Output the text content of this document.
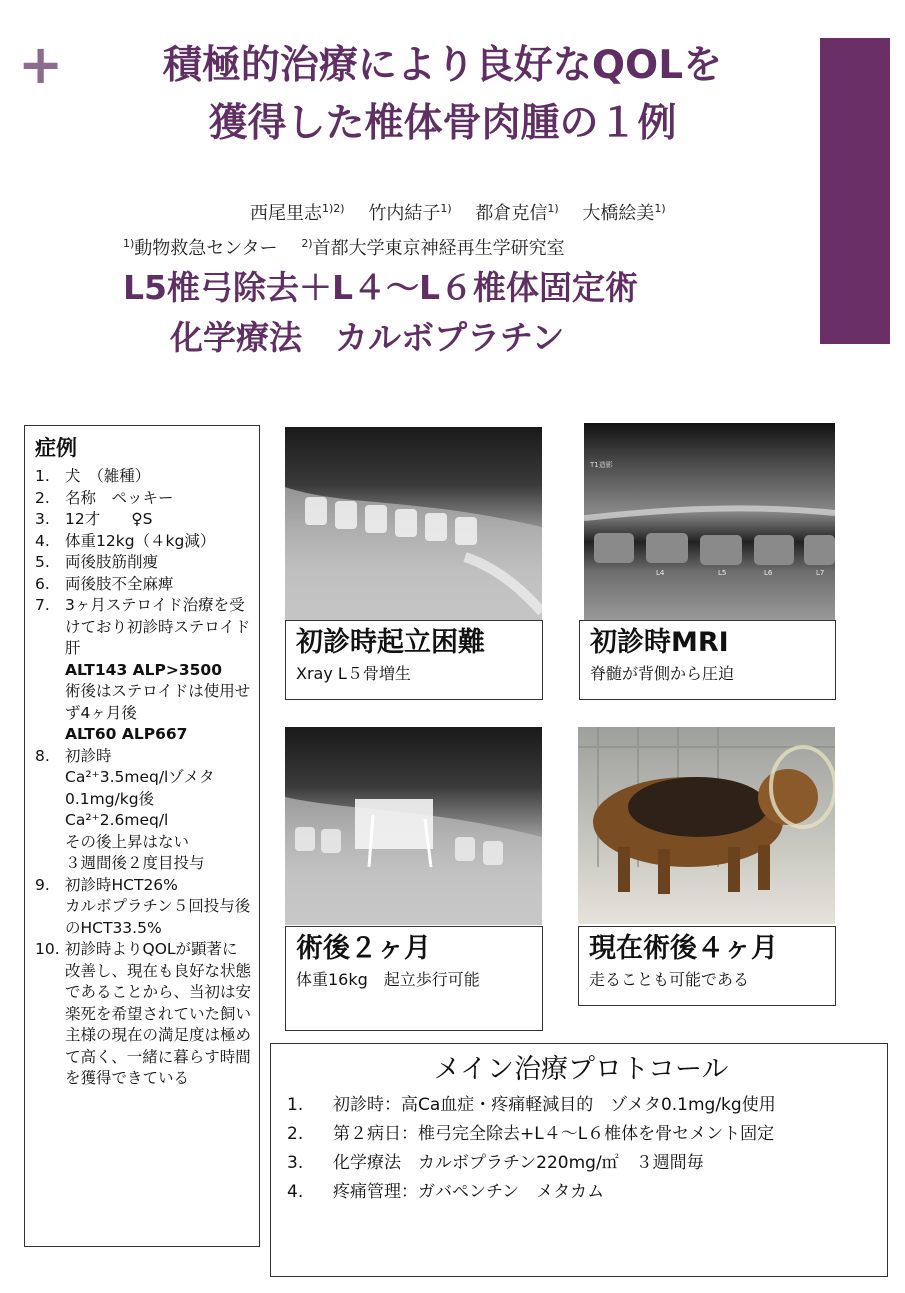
+	積極的治療により良好なQOLを
獲得した椎体骨肉腫の１例
西尾里志$^{1)2)}$　 竹内結子$^{1)}$　 都倉克信$^{1)}$　 大橋絵美$^{1)}$
$^{1)}$動物救急センター　 $^{2)}$首都大学東京神経再生学研究室
L5椎弓除去＋L４～L６椎体固定術
化学療法　カルボプラチン
症例
1. 犬　（雑種）
2. 名称　ペッキー
3. 12才　　♀S
4. 体重12kg（４kg減）
5. 両後肢筋削痩
6. 両後肢不全麻痺
7. 3ヶ月ステロイド治療を受けており初診時ステロイド肝
ALT143 ALP>3500
術後はステロイドは使用せず4ヶ月後
ALT60 ALP667
8. 初診時
Ca²⁺3.5meq/lゾメタ0.1mg/kg後
Ca²⁺2.6meq/l
その後上昇はない
３週間後２度目投与
9. 初診時HCT26%
カルボプラチン５回投与後のHCT33.5%
10. 初診時よりQOLが顕著に改善し、現在も良好な状態であることから、当初は安楽死を希望されていた飼い主様の現在の満足度は極めて高く、一緒に暮らす時間を獲得できている
初診時起立困難
Xray L５骨増生
T1造影
L4	L5	L6	L7
初診時MRI
脊髄が背側から圧迫
術後２ヶ月
体重16kg　起立歩行可能
現在術後４ヶ月
走ることも可能である
メイン治療プロトコール
1. 初診時：高Ca血症・疼痛軽減目的　ゾメタ0.1mg/kg使用
2. 第２病日：椎弓完全除去+L４～L６椎体を骨セメント固定
3. 化学療法　カルボプラチン220mg/㎡　３週間毎
4. 疼痛管理：ガバペンチン　メタカム
